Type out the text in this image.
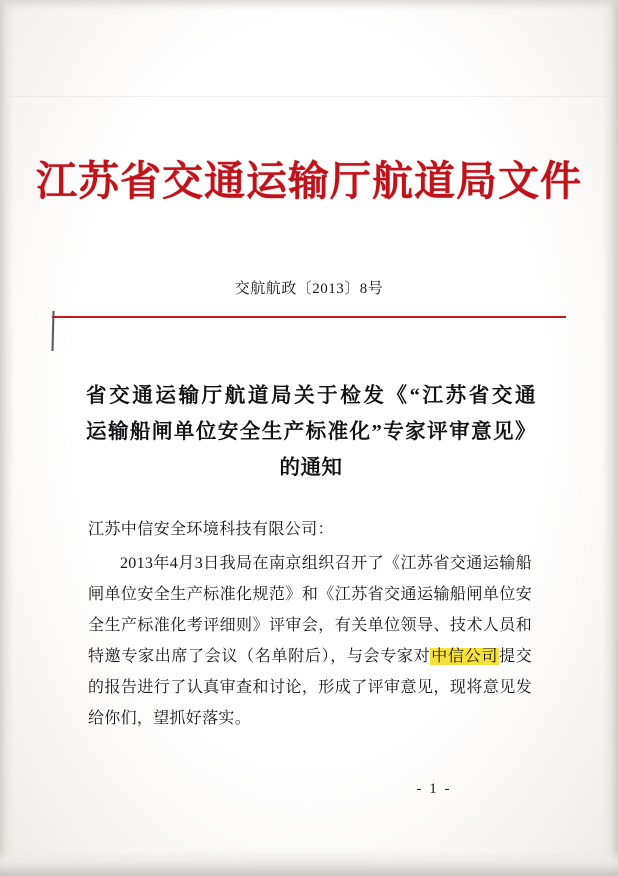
江苏省交通运输厅航道局文件
交航航政〔2013〕8号
省交通运输厅航道局关于检发《“江苏省交通
运输船闸单位安全生产标准化”专家评审意见》
的通知
江苏中信安全环境科技有限公司：
2013年4月3日我局在南京组织召开了《江苏省交通运输船闸单位安全生产标准化规范》和《江苏省交通运输船闸单位安全生产标准化考评细则》评审会，有关单位领导、技术人员和特邀专家出席了会议（名单附后），与会专家对中信公司提交的报告进行了认真审查和讨论，形成了评审意见，现将意见发给你们，望抓好落实。
- 1 -
